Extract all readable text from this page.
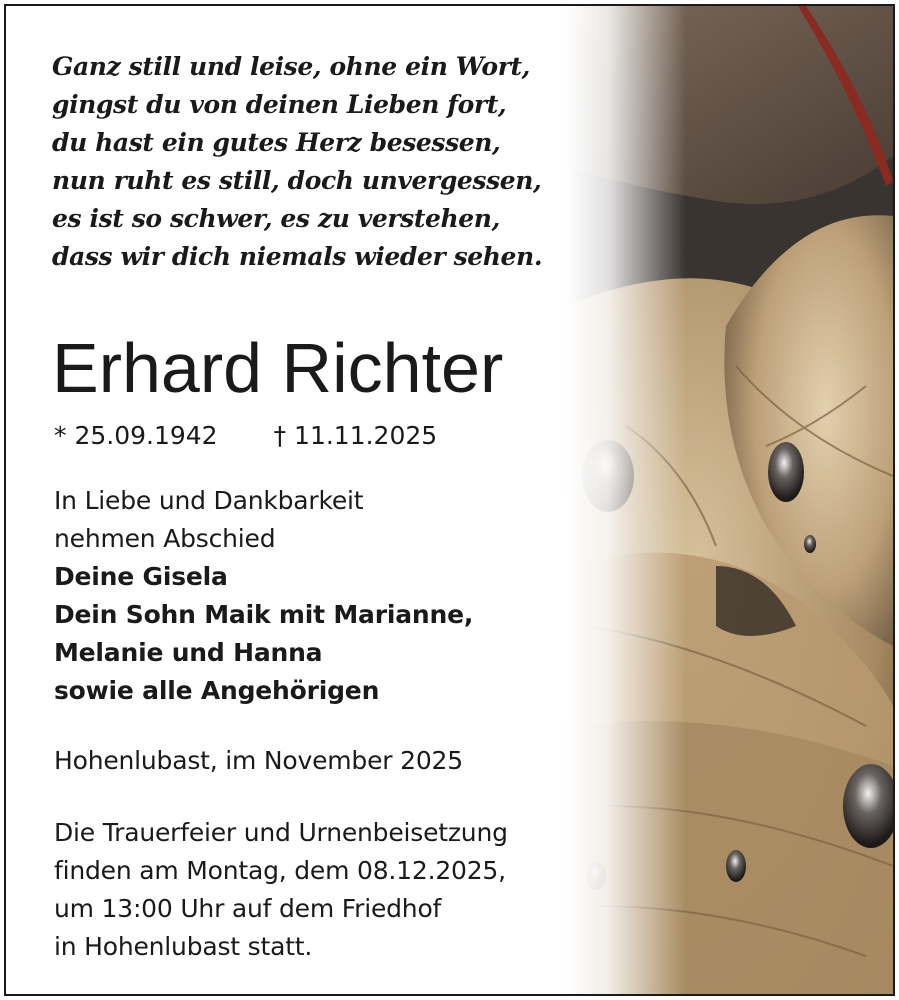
Ganz still und leise, ohne ein Wort,
gingst du von deinen Lieben fort,
du hast ein gutes Herz besessen,
nun ruht es still, doch unvergessen,
es ist so schwer, es zu verstehen,
dass wir dich niemals wieder sehen.
Erhard Richter
* 25.09.1942 † 11.11.2025
In Liebe und Dankbarkeit
nehmen Abschied
Deine Gisela
Dein Sohn Maik mit Marianne,
Melanie und Hanna
sowie alle Angehörigen
Hohenlubast, im November 2025
Die Trauerfeier und Urnenbeisetzung
finden am Montag, dem 08.12.2025,
um 13:00 Uhr auf dem Friedhof
in Hohenlubast statt.
